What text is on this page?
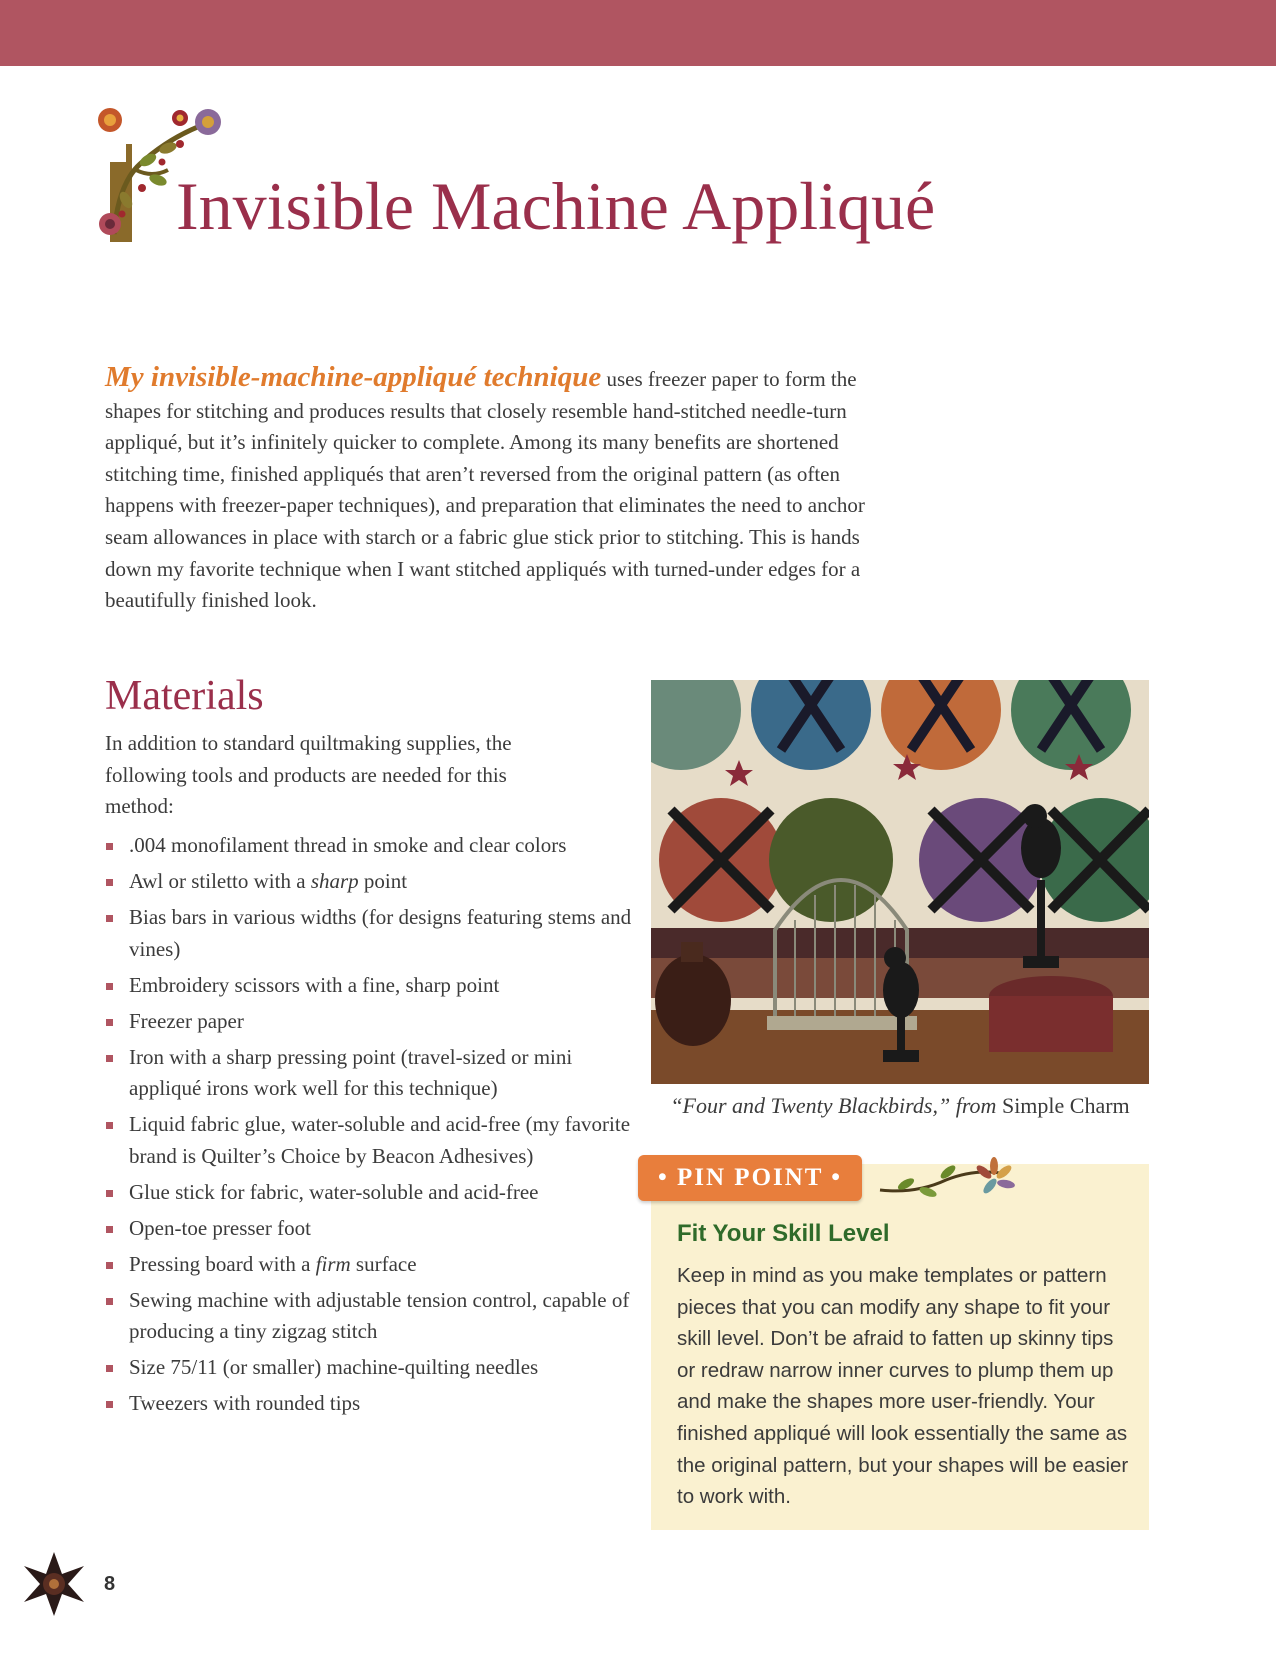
Invisible Machine Appliqué

My invisible-machine-appliqué technique uses freezer paper to form the shapes for stitching and produces results that closely resemble hand-stitched needle-turn appliqué, but it’s infinitely quicker to complete. Among its many benefits are shortened stitching time, finished appliqués that aren’t reversed from the original pattern (as often happens with freezer-paper techniques), and preparation that eliminates the need to anchor seam allowances in place with starch or a fabric glue stick prior to stitching. This is hands down my favorite technique when I want stitched appliqués with turned-under edges for a beautifully finished look.

Materials

In addition to standard quiltmaking supplies, the following tools and products are needed for this method:

.004 monofilament thread in smoke and clear colors
Awl or stiletto with a sharp point
Bias bars in various widths (for designs featuring stems and vines)
Embroidery scissors with a fine, sharp point
Freezer paper
Iron with a sharp pressing point (travel-sized or mini appliqué irons work well for this technique)
Liquid fabric glue, water-soluble and acid-free (my favorite brand is Quilter’s Choice by Beacon Adhesives)
Glue stick for fabric, water-soluble and acid-free
Open-toe presser foot
Pressing board with a firm surface
Sewing machine with adjustable tension control, capable of producing a tiny zigzag stitch
Size 75/11 (or smaller) machine-quilting needles
Tweezers with rounded tips

“Four and Twenty Blackbirds,” from Simple Charm

• PIN POINT •
Fit Your Skill Level

Keep in mind as you make templates or pattern pieces that you can modify any shape to fit your skill level. Don’t be afraid to fatten up skinny tips or redraw narrow inner curves to plump them up and make the shapes more user-friendly. Your finished appliqué will look essentially the same as the original pattern, but your shapes will be easier to work with.

8
